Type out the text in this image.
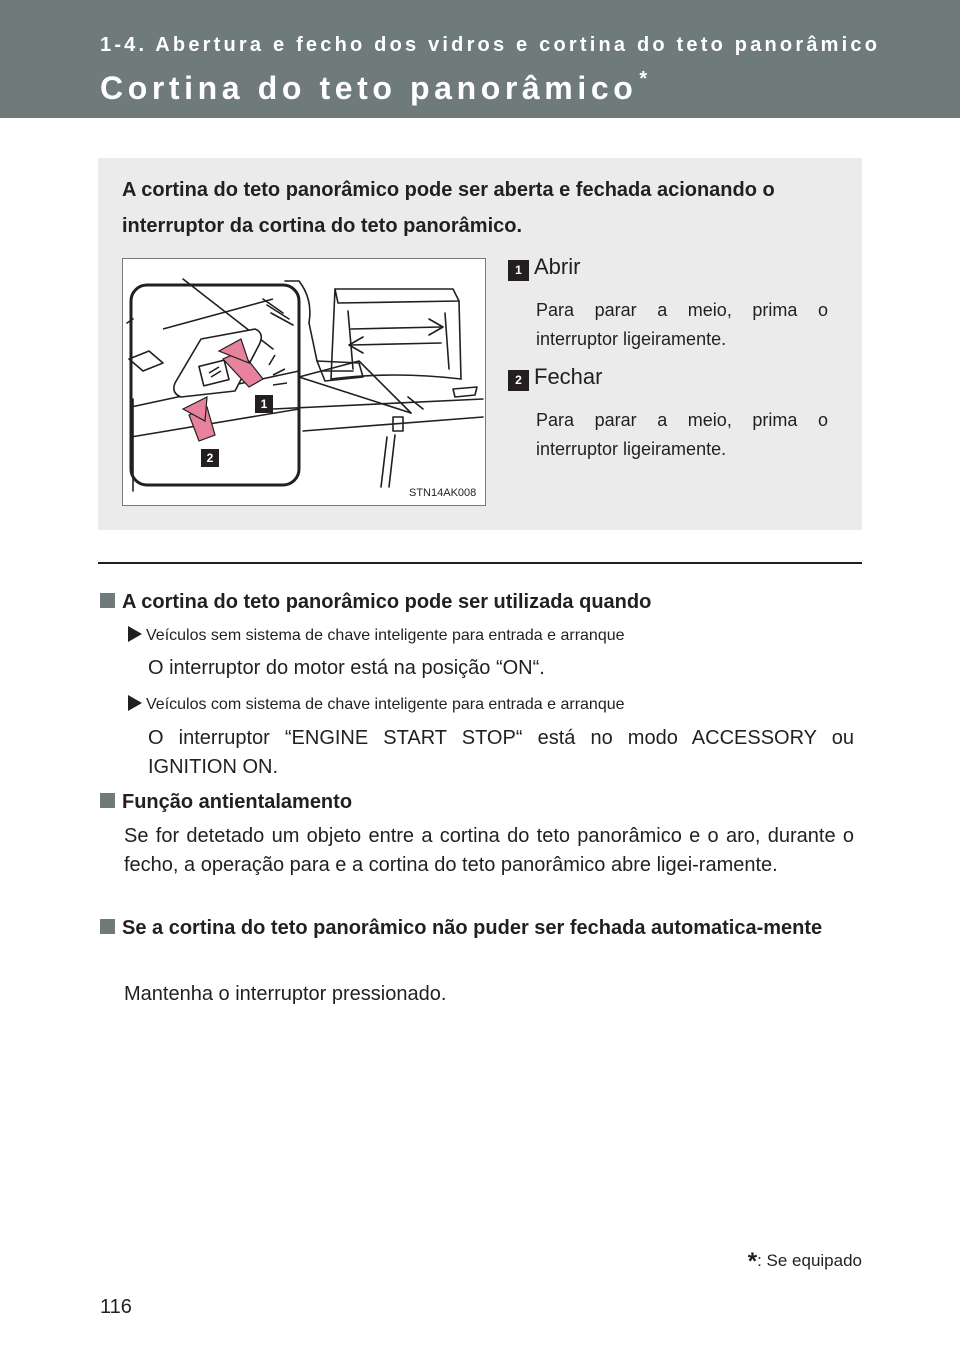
1-4. Abertura e fecho dos vidros e cortina do teto panorâmico
Cortina do teto panorâmico *
A cortina do teto panorâmico pode ser aberta e fechada acionando o interruptor da cortina do teto panorâmico.
1
2
STN14AK008
1 Abrir
Para parar a meio, prima o interruptor ligeiramente.
2 Fechar
Para parar a meio, prima o interruptor ligeiramente.
A cortina do teto panorâmico pode ser utilizada quando
Veículos sem sistema de chave inteligente para entrada e arranque
O interruptor do motor está na posição “ON“.
Veículos com sistema de chave inteligente para entrada e arranque
O interruptor “ENGINE START STOP“ está no modo ACCESSORY ou IGNITION ON.
Função antientalamento
Se for detetado um objeto entre a cortina do teto panorâmico e o aro, durante o fecho, a operação para e a cortina do teto panorâmico abre ligei-ramente.
Se a cortina do teto panorâmico não puder ser fechada automatica-mente
Mantenha o interruptor pressionado.
*: Se equipado
116
